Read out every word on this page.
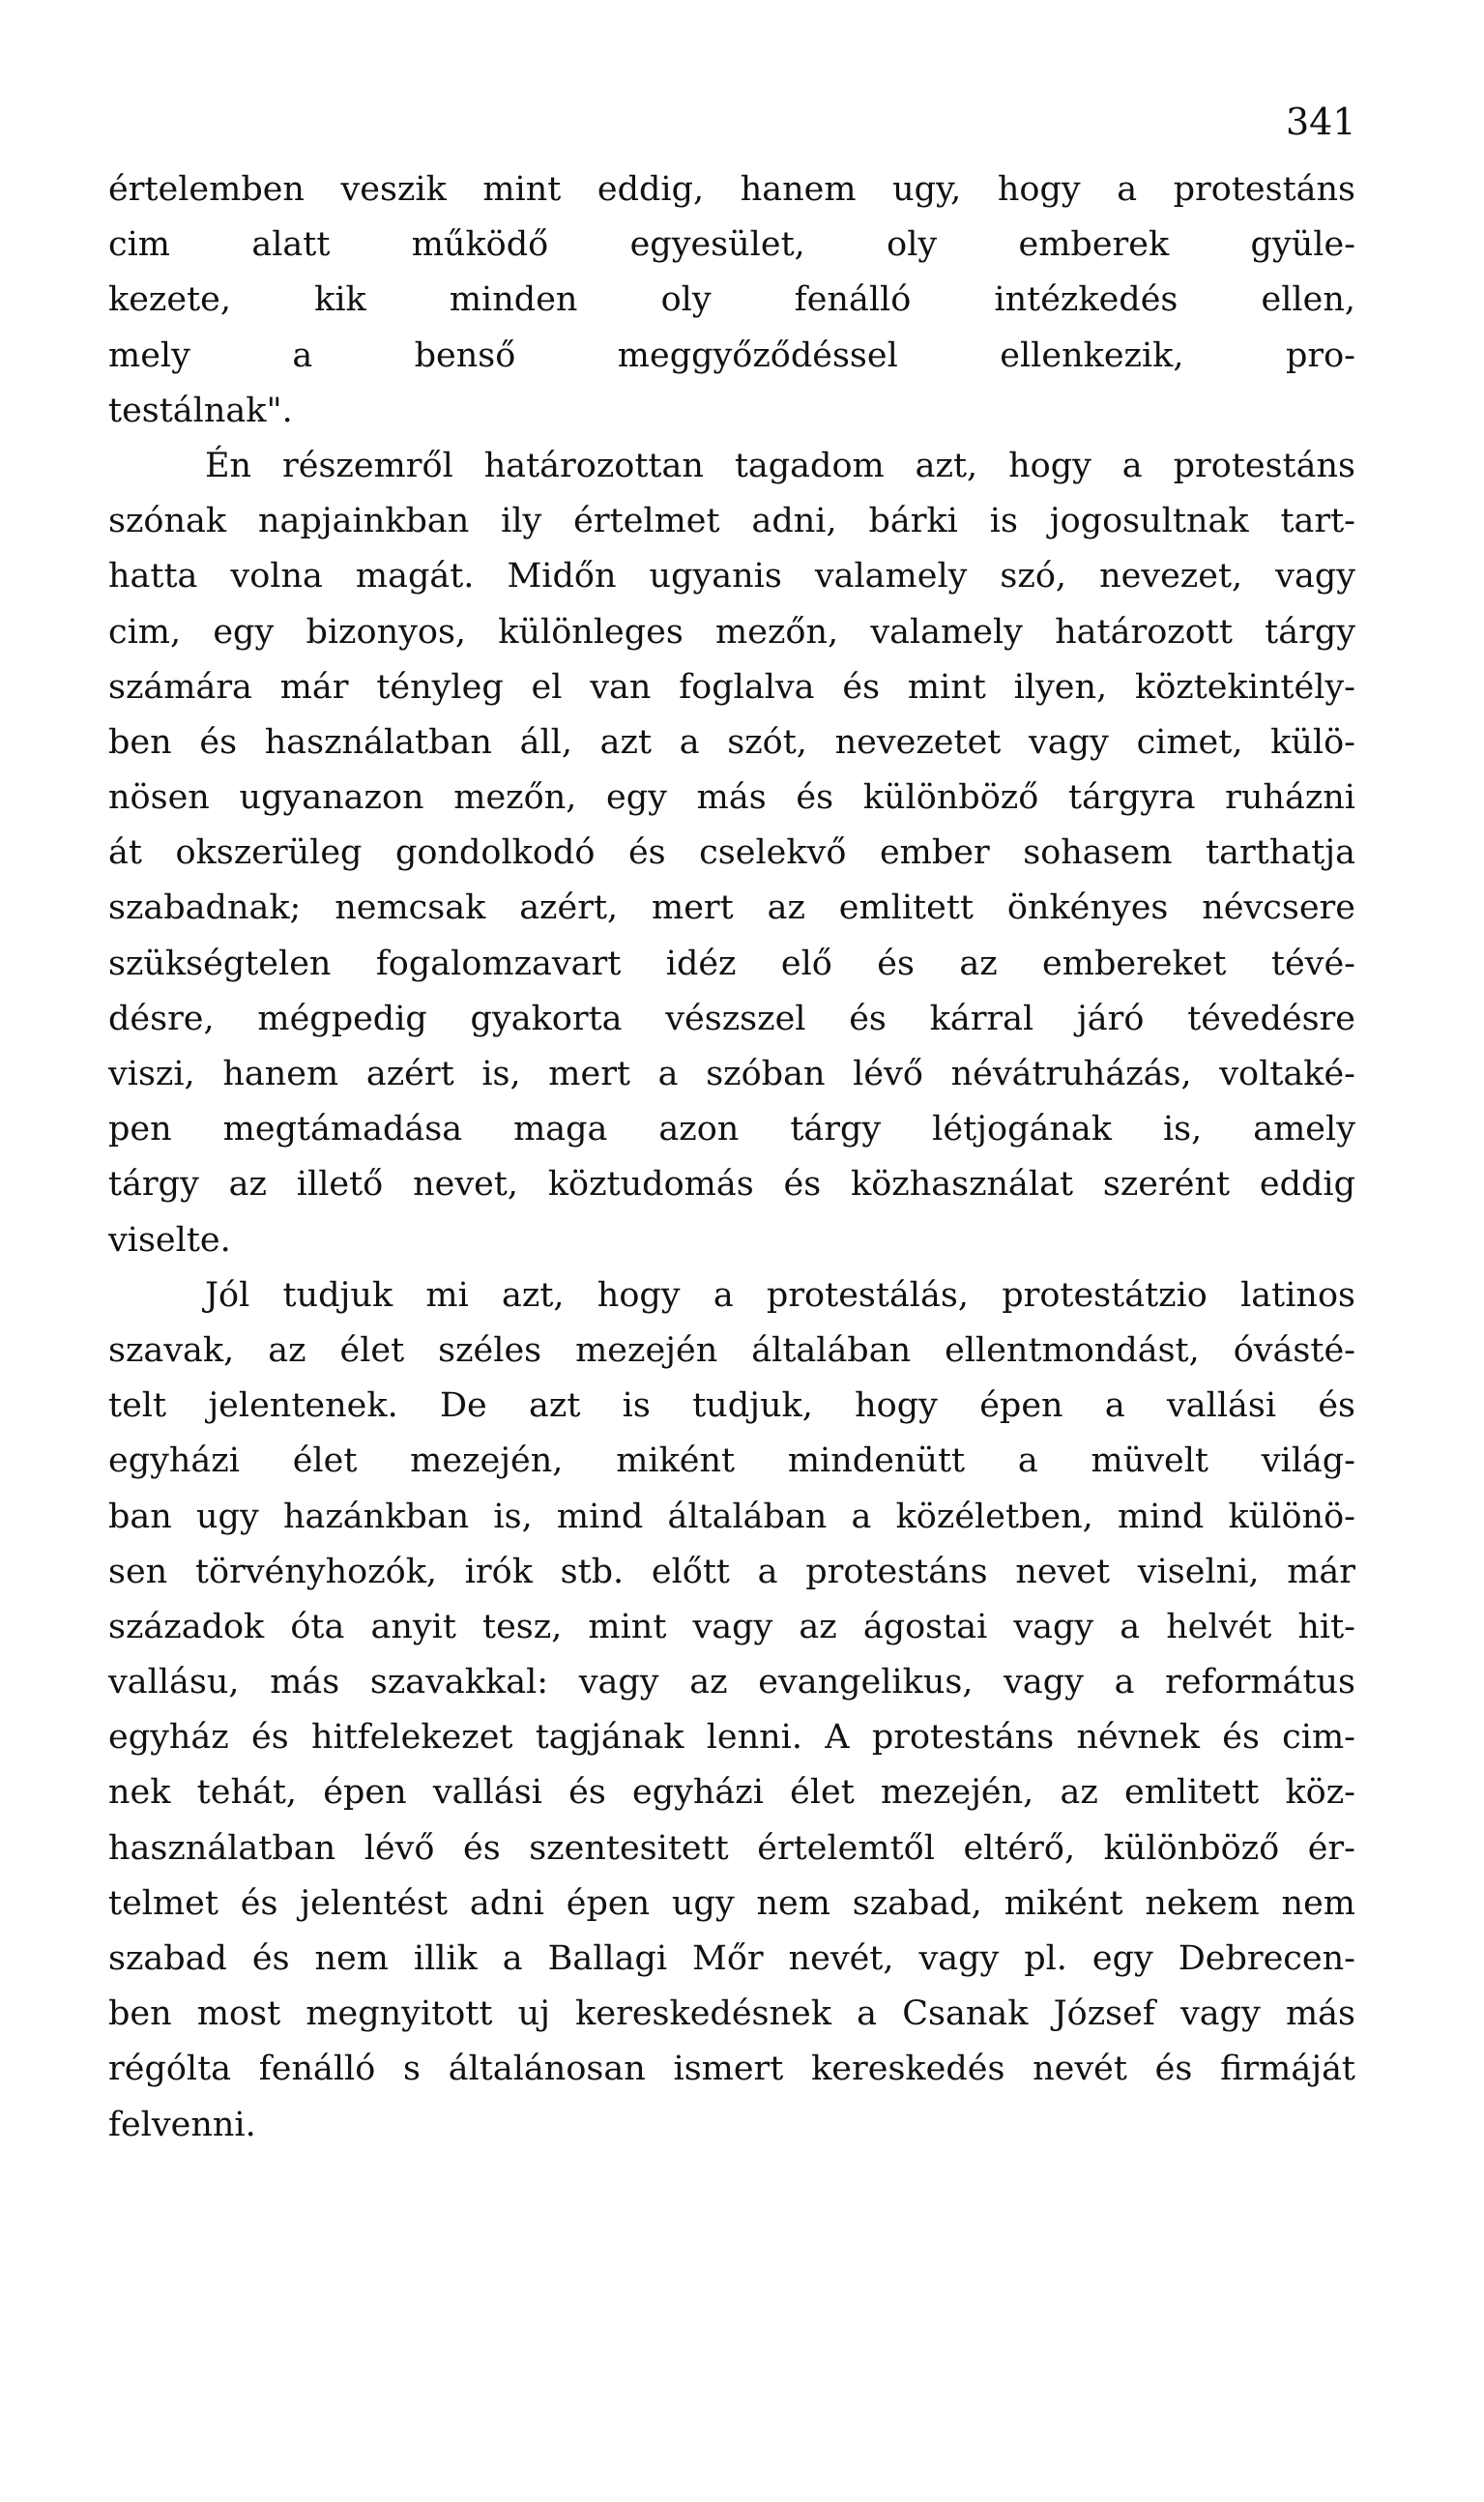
341
értelemben veszik mint eddig, hanem ugy, hogy a protestáns
cim alatt működő egyesület, oly emberek gyüle-
kezete, kik minden oly fenálló intézkedés ellen,
mely a benső meggyőződéssel ellenkezik, pro-
testálnak".
Én részemről határozottan tagadom azt, hogy a protestáns
szónak napjainkban ily értelmet adni, bárki is jogosultnak tart-
hatta volna magát. Midőn ugyanis valamely szó, nevezet, vagy
cim, egy bizonyos, különleges mezőn, valamely határozott tárgy
számára már tényleg el van foglalva és mint ilyen, köztekintély-
ben és használatban áll, azt a szót, nevezetet vagy cimet, külö-
nösen ugyanazon mezőn, egy más és különböző tárgyra ruházni
át okszerüleg gondolkodó és cselekvő ember sohasem tarthatja
szabadnak; nemcsak azért, mert az emlitett önkényes névcsere
szükségtelen fogalomzavart idéz elő és az embereket tévé-
désre, mégpedig gyakorta vészszel és kárral járó tévedésre
viszi, hanem azért is, mert a szóban lévő névátruházás, voltaké-
pen megtámadása maga azon tárgy létjogának is, amely
tárgy az illető nevet, köztudomás és közhasználat szerént eddig
viselte.
Jól tudjuk mi azt, hogy a protestálás, protestátzio latinos
szavak, az élet széles mezején általában ellentmondást, óvásté-
telt jelentenek. De azt is tudjuk, hogy épen a vallási és
egyházi élet mezején, miként mindenütt a müvelt világ-
ban ugy hazánkban is, mind általában a közéletben, mind különö-
sen törvényhozók, irók stb. előtt a protestáns nevet viselni, már
századok óta anyit tesz, mint vagy az ágostai vagy a helvét hit-
vallásu, más szavakkal: vagy az evangelikus, vagy a református
egyház és hitfelekezet tagjának lenni. A protestáns névnek és cim-
nek tehát, épen vallási és egyházi élet mezején, az emlitett köz-
használatban lévő és szentesitett értelemtől eltérő, különböző ér-
telmet és jelentést adni épen ugy nem szabad, miként nekem nem
szabad és nem illik a Ballagi Mőr nevét, vagy pl. egy Debrecen-
ben most megnyitott uj kereskedésnek a Csanak József vagy más
régólta fenálló s általánosan ismert kereskedés nevét és firmáját
felvenni.
